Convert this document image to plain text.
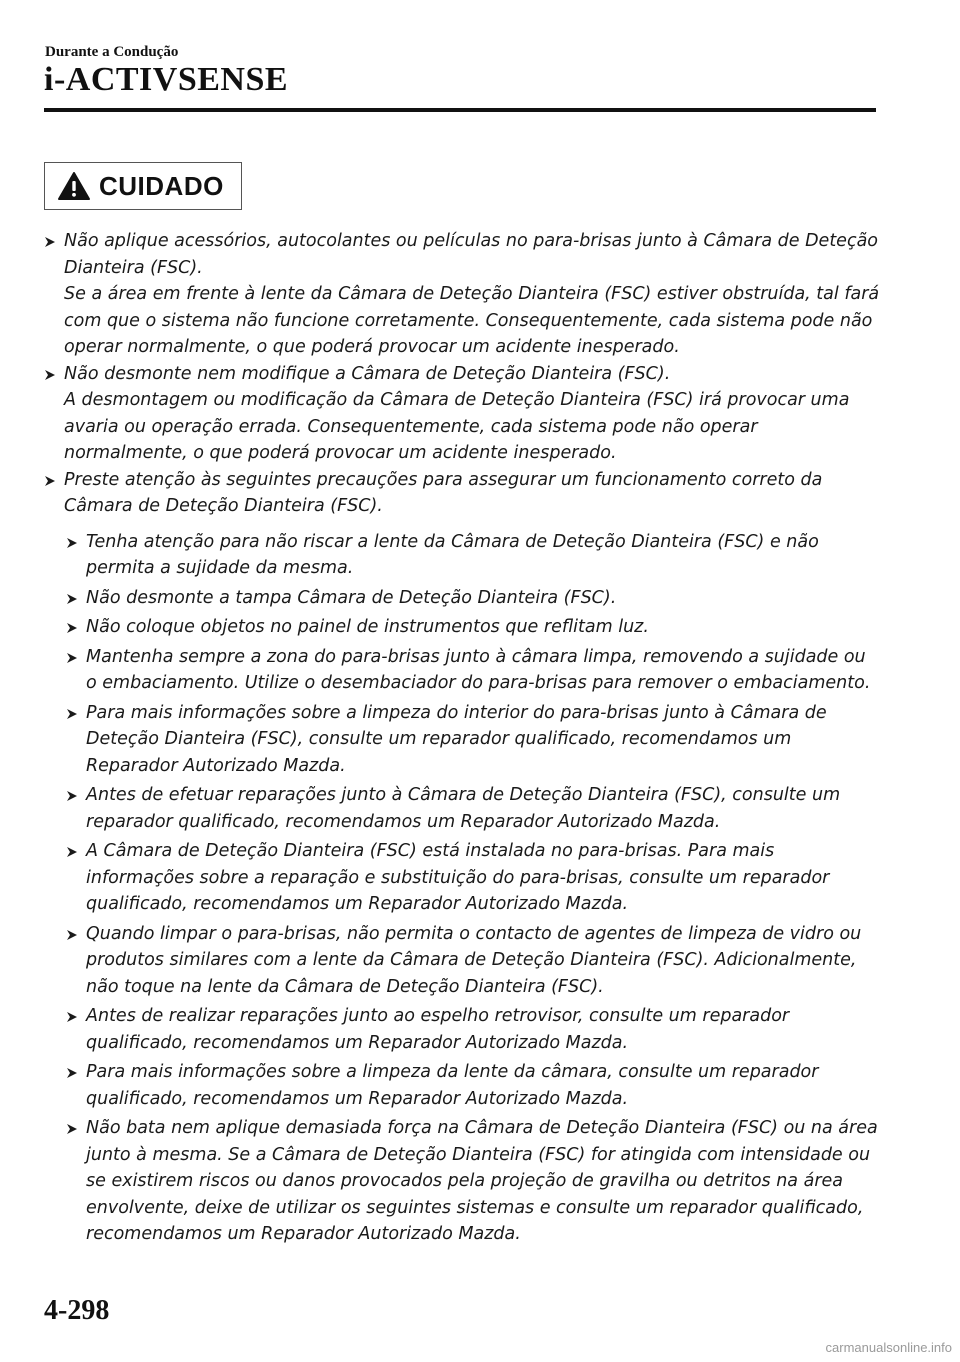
Durante a Condução
i-ACTIVSENSE
CUIDADO
Não aplique acessórios, autocolantes ou películas no para-brisas junto à Câmara de Deteção Dianteira (FSC).
Se a área em frente à lente da Câmara de Deteção Dianteira (FSC) estiver obstruída, tal fará com que o sistema não funcione corretamente. Consequentemente, cada sistema pode não operar normalmente, o que poderá provocar um acidente inesperado.
Não desmonte nem modifique a Câmara de Deteção Dianteira (FSC).
A desmontagem ou modificação da Câmara de Deteção Dianteira (FSC) irá provocar uma avaria ou operação errada. Consequentemente, cada sistema pode não operar normalmente, o que poderá provocar um acidente inesperado.
Preste atenção às seguintes precauções para assegurar um funcionamento correto da Câmara de Deteção Dianteira (FSC).
Tenha atenção para não riscar a lente da Câmara de Deteção Dianteira (FSC) e não permita a sujidade da mesma.
Não desmonte a tampa Câmara de Deteção Dianteira (FSC).
Não coloque objetos no painel de instrumentos que reflitam luz.
Mantenha sempre a zona do para-brisas junto à câmara limpa, removendo a sujidade ou o embaciamento. Utilize o desembaciador do para-brisas para remover o embaciamento.
Para mais informações sobre a limpeza do interior do para-brisas junto à Câmara de Deteção Dianteira (FSC), consulte um reparador qualificado, recomendamos um Reparador Autorizado Mazda.
Antes de efetuar reparações junto à Câmara de Deteção Dianteira (FSC), consulte um reparador qualificado, recomendamos um Reparador Autorizado Mazda.
A Câmara de Deteção Dianteira (FSC) está instalada no para-brisas. Para mais informações sobre a reparação e substituição do para-brisas, consulte um reparador qualificado, recomendamos um Reparador Autorizado Mazda.
Quando limpar o para-brisas, não permita o contacto de agentes de limpeza de vidro ou produtos similares com a lente da Câmara de Deteção Dianteira (FSC). Adicionalmente, não toque na lente da Câmara de Deteção Dianteira (FSC).
Antes de realizar reparações junto ao espelho retrovisor, consulte um reparador qualificado, recomendamos um Reparador Autorizado Mazda.
Para mais informações sobre a limpeza da lente da câmara, consulte um reparador qualificado, recomendamos um Reparador Autorizado Mazda.
Não bata nem aplique demasiada força na Câmara de Deteção Dianteira (FSC) ou na área junto à mesma. Se a Câmara de Deteção Dianteira (FSC) for atingida com intensidade ou se existirem riscos ou danos provocados pela projeção de gravilha ou detritos na área envolvente, deixe de utilizar os seguintes sistemas e consulte um reparador qualificado, recomendamos um Reparador Autorizado Mazda.
4-298
carmanualsonline.info
